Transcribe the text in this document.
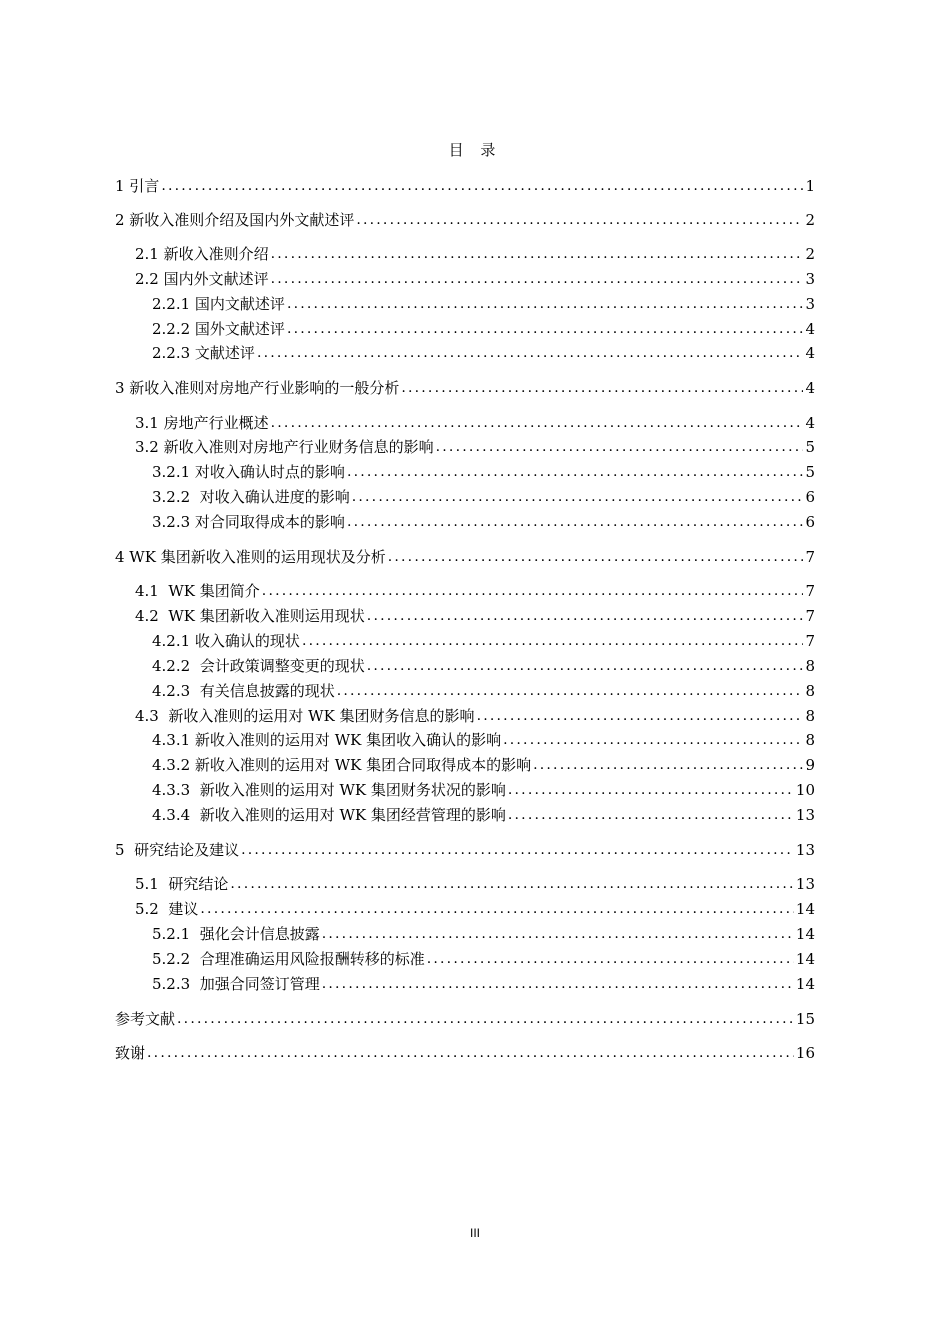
目 录
1 引言 .....	1
2 新收入准则介绍及国内外文献述评 .....	2
2.1 新收入准则介绍 .....	2
2.2 国内外文献述评 .....	3
2.2.1 国内文献述评 .....	3
2.2.2 国外文献述评 .....	4
2.2.3 文献述评 .....	4
3 新收入准则对房地产行业影响的一般分析 .....	4
3.1 房地产行业概述 .....	4
3.2 新收入准则对房地产行业财务信息的影响 .....	5
3.2.1 对收入确认时点的影响 .....	5
3.2.2  对收入确认进度的影响 .....	6
3.2.3 对合同取得成本的影响 .....	6
4 WK 集团新收入准则的运用现状及分析 .....	7
4.1  WK 集团简介 .....	7
4.2  WK 集团新收入准则运用现状 .....	7
4.2.1 收入确认的现状 .....	7
4.2.2  会计政策调整变更的现状 .....	8
4.2.3  有关信息披露的现状 .....	8
4.3  新收入准则的运用对 WK 集团财务信息的影响 .....	8
4.3.1 新收入准则的运用对 WK 集团收入确认的影响 .....	8
4.3.2 新收入准则的运用对 WK 集团合同取得成本的影响 .....	9
4.3.3  新收入准则的运用对 WK 集团财务状况的影响 .....	10
4.3.4  新收入准则的运用对 WK 集团经营管理的影响 .....	13
5  研究结论及建议 .....	13
5.1  研究结论 .....	13
5.2  建议 .....	14
5.2.1  强化会计信息披露 .....	14
5.2.2  合理准确运用风险报酬转移的标准 .....	14
5.2.3  加强合同签订管理 .....	14
参考文献 .....	15
致谢 .....	16
III
